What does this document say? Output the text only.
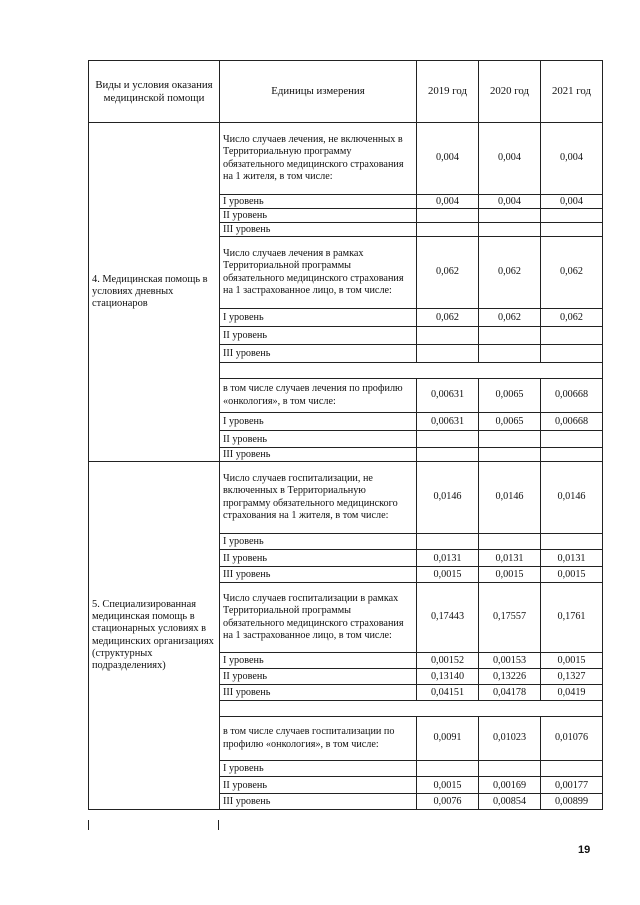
Виды и условия оказания медицинской помощи	Единицы измерения	2019 год	2020 год	2021 год
4. Медицинская помощь в условиях дневных стационаров	Число случаев лечения, не включенных в Территориальную программу обязательного медицинского страхования на 1 жителя, в том числе:	0,004	0,004	0,004
	I уровень	0,004	0,004	0,004
	II уровень			
	III уровень			
	Число случаев лечения в рамках Территориальной программы обязательного медицинского страхования на 1 застрахованное лицо, в том числе:	0,062	0,062	0,062
	I уровень	0,062	0,062	0,062
	II уровень			
	III уровень			

	в том числе случаев лечения по профилю «онкология», в том числе:	0,00631	0,0065	0,00668
	I уровень	0,00631	0,0065	0,00668
	II уровень			
	III уровень			
5. Специализированная медицинская помощь в стационарных условиях в медицинских организациях (структурных подразделениях)	Число случаев госпитализации, не включенных в Территориальную программу обязательного медицинского страхования на 1 жителя, в том числе:	0,0146	0,0146	0,0146
	I уровень			
	II уровень	0,0131	0,0131	0,0131
	III уровень	0,0015	0,0015	0,0015
	Число случаев госпитализации в рамках Территориальной программы обязательного медицинского страхования на 1 застрахованное лицо, в том числе:	0,17443	0,17557	0,1761
	I уровень	0,00152	0,00153	0,0015
	II уровень	0,13140	0,13226	0,1327
	III уровень	0,04151	0,04178	0,0419

	в том числе случаев госпитализации по профилю «онкология», в том числе:	0,0091	0,01023	0,01076
	I уровень			
	II уровень	0,0015	0,00169	0,00177
	III уровень	0,0076	0,00854	0,00899
19
